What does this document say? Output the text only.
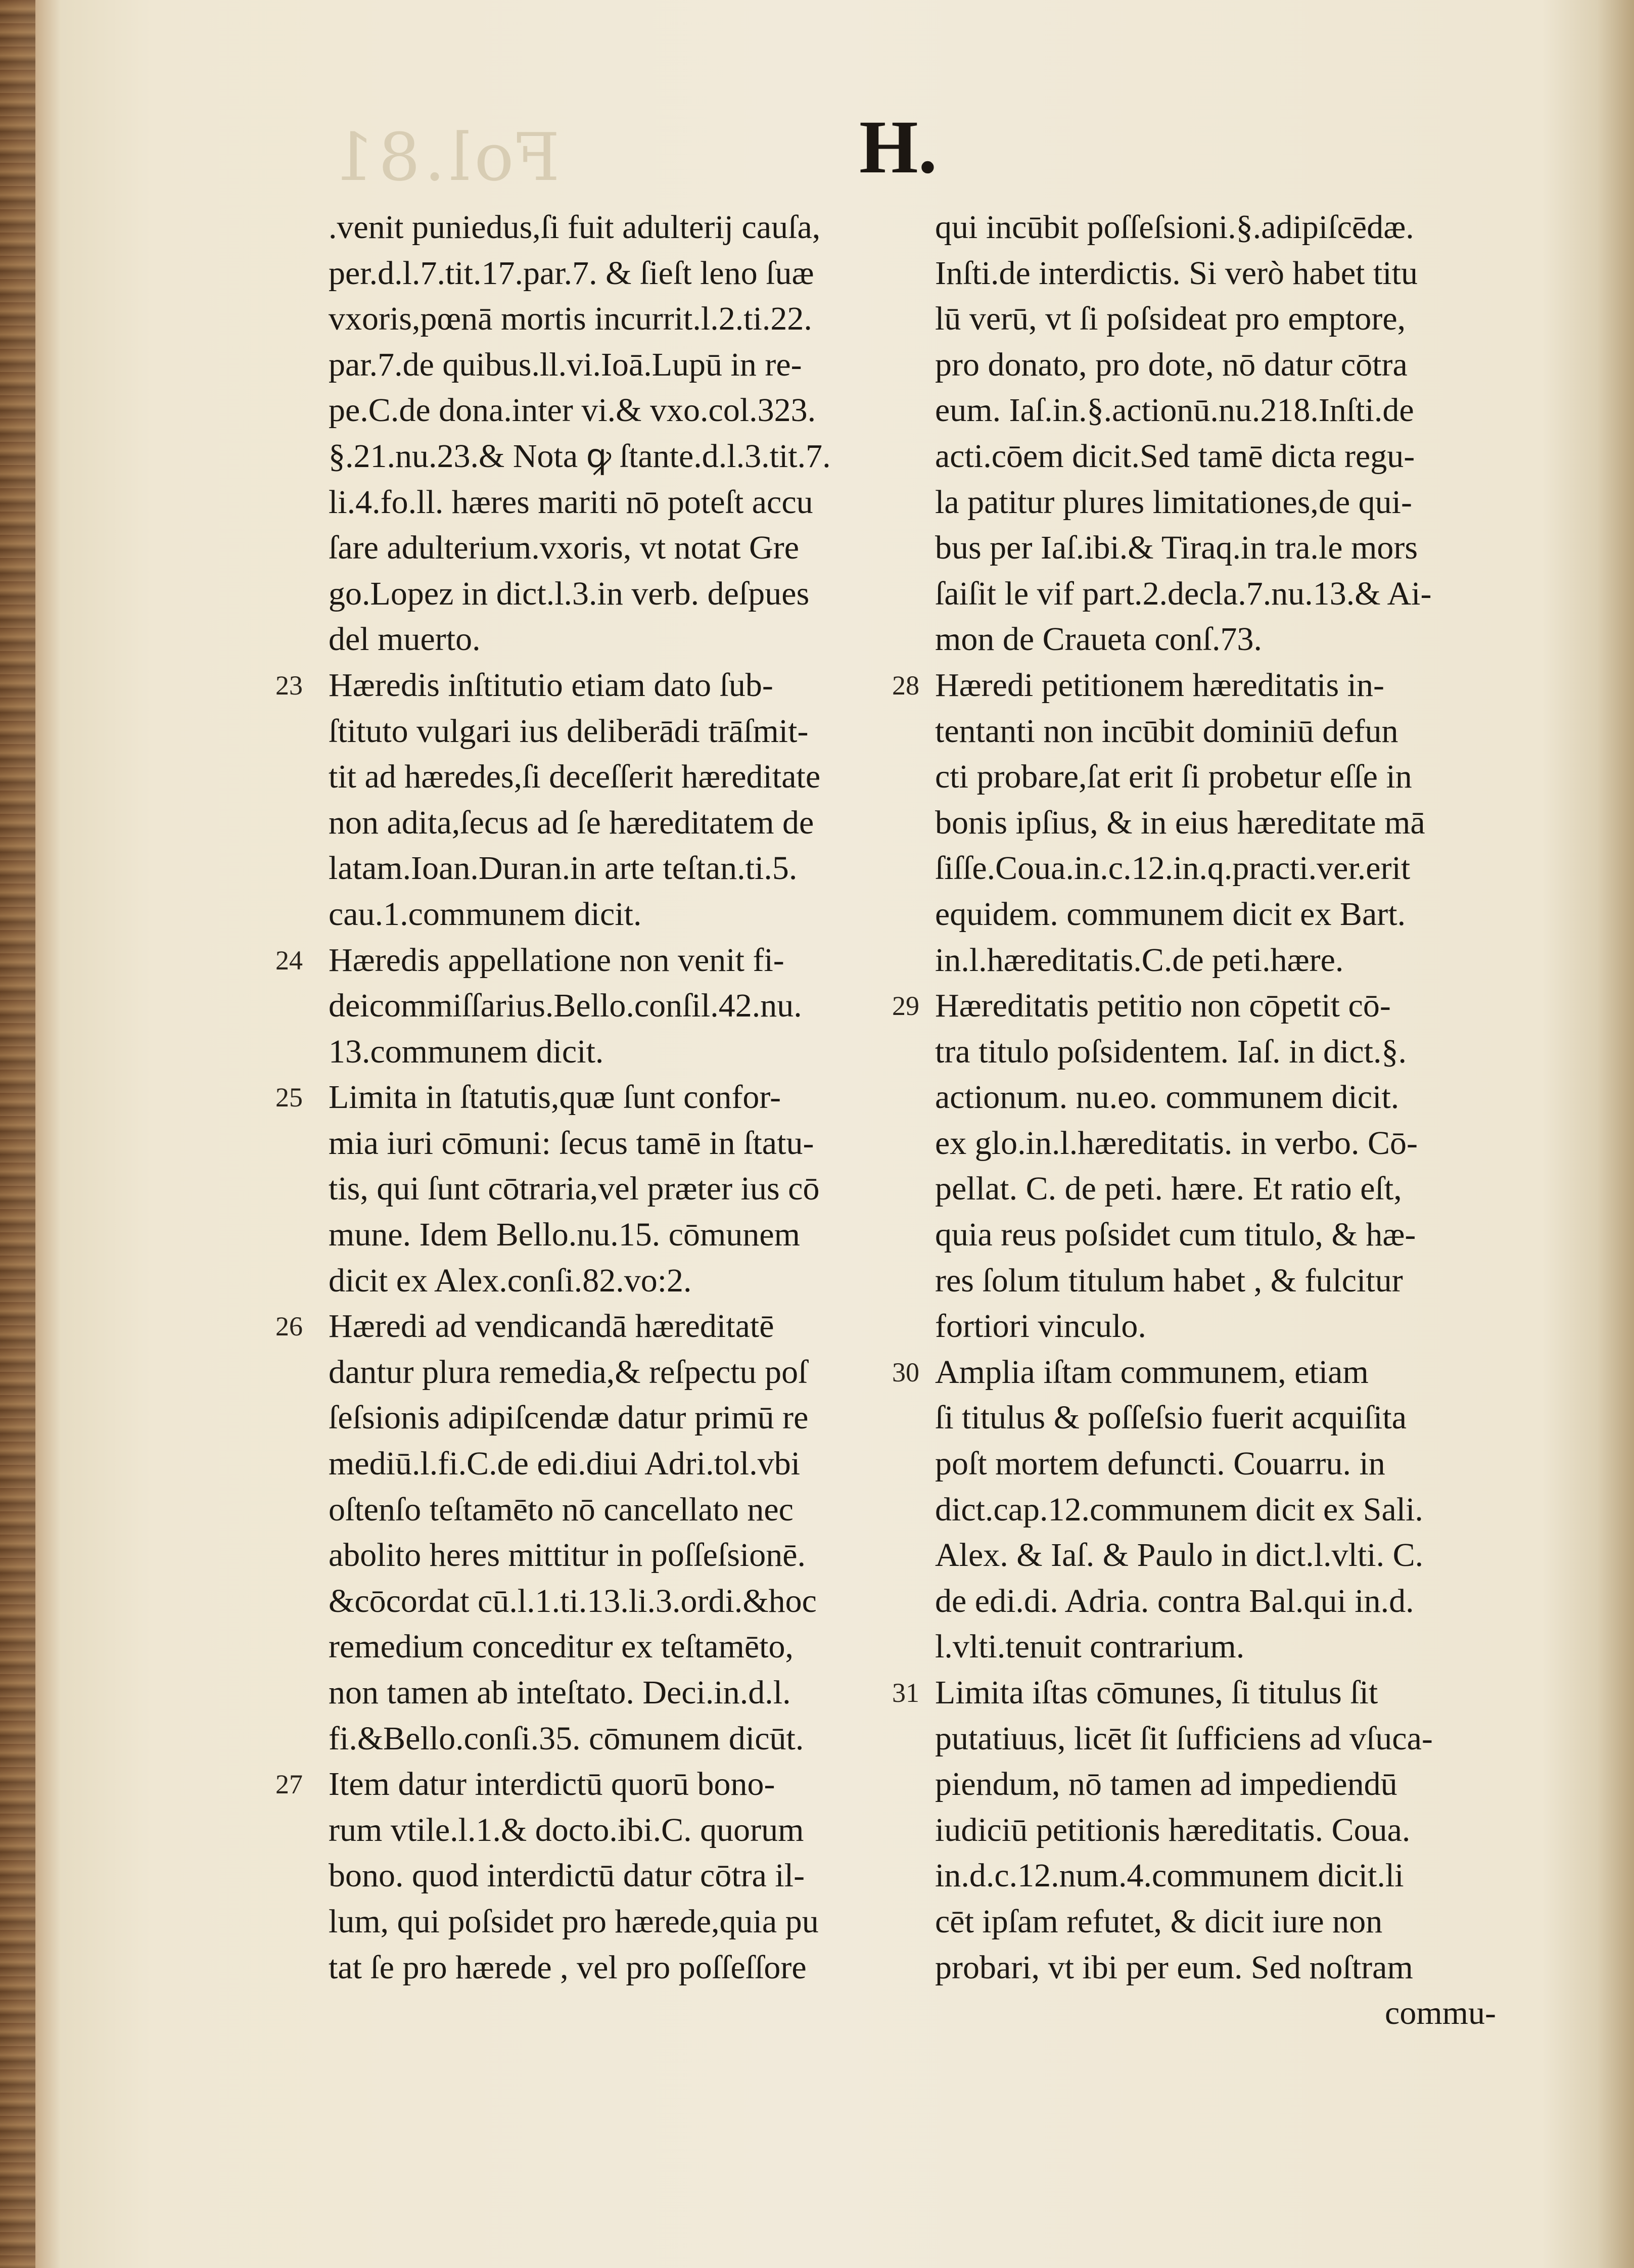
Fol.81	H.
.venit puniedus,ſi fuit adulterij cauſa,
per.d.l.7.tit.17.par.7. & ſieſt leno ſuæ
vxoris,pœnā mortis incurrit.l.2.ti.22.
par.7.de quibus.ll.vi.Ioā.Lupū in re-
pe.C.de dona.inter vi.& vxo.col.323.
§.21.nu.23.& Nota ꝙ ſtante.d.l.3.tit.7.
li.4.fo.ll. hæres mariti nō poteſt accu
ſare adulterium.vxoris, vt notat Gre
go.Lopez in dict.l.3.in verb. deſpues
del muerto.
23 Hæredis inſtitutio etiam dato ſub-
ſtituto vulgari ius deliberādi trāſmit-
tit ad hæredes,ſi deceſſerit hæreditate
non adita,ſecus ad ſe hæreditatem de
latam.Ioan.Duran.in arte teſtan.ti.5.
cau.1.communem dicit.
24 Hæredis appellatione non venit fi-
deicommiſſarius.Bello.conſil.42.nu.
13.communem dicit.
25 Limita in ſtatutis,quæ ſunt confor-
mia iuri cōmuni: ſecus tamē in ſtatu-
tis, qui ſunt cōtraria,vel præter ius cō
mune. Idem Bello.nu.15. cōmunem
dicit ex Alex.conſi.82.vo:2.
26 Hæredi ad vendicandā hæreditatē
dantur plura remedia,& reſpectu poſ
ſeſsionis adipiſcendæ datur primū re
mediū.l.fi.C.de edi.diui Adri.tol.vbi
oſtenſo teſtamēto nō cancellato nec
abolito heres mittitur in poſſeſsionē.
&cōcordat cū.l.1.ti.13.li.3.ordi.&hoc
remedium conceditur ex teſtamēto,
non tamen ab inteſtato. Deci.in.d.l.
fi.&Bello.conſi.35. cōmunem dicūt.
27 Item datur interdictū quorū bono-
rum vtile.l.1.& docto.ibi.C. quorum
bono. quod interdictū datur cōtra il-
lum, qui poſsidet pro hærede,quia pu
tat ſe pro hærede , vel pro poſſeſſore
qui incūbit poſſeſsioni.§.adipiſcēdæ.
Inſti.de interdictis. Si verò habet titu
lū verū, vt ſi poſsideat pro emptore,
pro donato, pro dote, nō datur cōtra
eum. Iaſ.in.§.actionū.nu.218.Inſti.de
acti.cōem dicit.Sed tamē dicta regu-
la patitur plures limitationes,de qui-
bus per Iaſ.ibi.& Tiraq.in tra.le mors
ſaiſit le vif part.2.decla.7.nu.13.& Ai-
mon de Craueta conſ.73.
28 Hæredi petitionem hæreditatis in-
tentanti non incūbit dominiū defun
cti probare,ſat erit ſi probetur eſſe in
bonis ipſius, & in eius hæreditate mā
ſiſſe.Coua.in.c.12.in.q.practi.ver.erit
equidem. communem dicit ex Bart.
in.l.hæreditatis.C.de peti.hære.
29 Hæreditatis petitio non cōpetit cō-
tra titulo poſsidentem. Iaſ. in dict.§.
actionum. nu.eo. communem dicit.
ex glo.in.l.hæreditatis. in verbo. Cō-
pellat. C. de peti. hære. Et ratio eſt,
quia reus poſsidet cum titulo, & hæ-
res ſolum titulum habet , & fulcitur
fortiori vinculo.
30 Amplia iſtam communem, etiam
ſi titulus & poſſeſsio fuerit acquiſita
poſt mortem defuncti. Couarru. in
dict.cap.12.communem dicit ex Sali.
Alex. & Iaſ. & Paulo in dict.l.vlti. C.
de edi.di. Adria. contra Bal.qui in.d.
l.vlti.tenuit contrarium.
31 Limita iſtas cōmunes, ſi titulus ſit
putatiuus, licēt ſit ſufficiens ad vſuca-
piendum, nō tamen ad impediendū
iudiciū petitionis hæreditatis. Coua.
in.d.c.12.num.4.communem dicit.li
cēt ipſam refutet, & dicit iure non
probari, vt ibi per eum. Sed noſtram
commu-
